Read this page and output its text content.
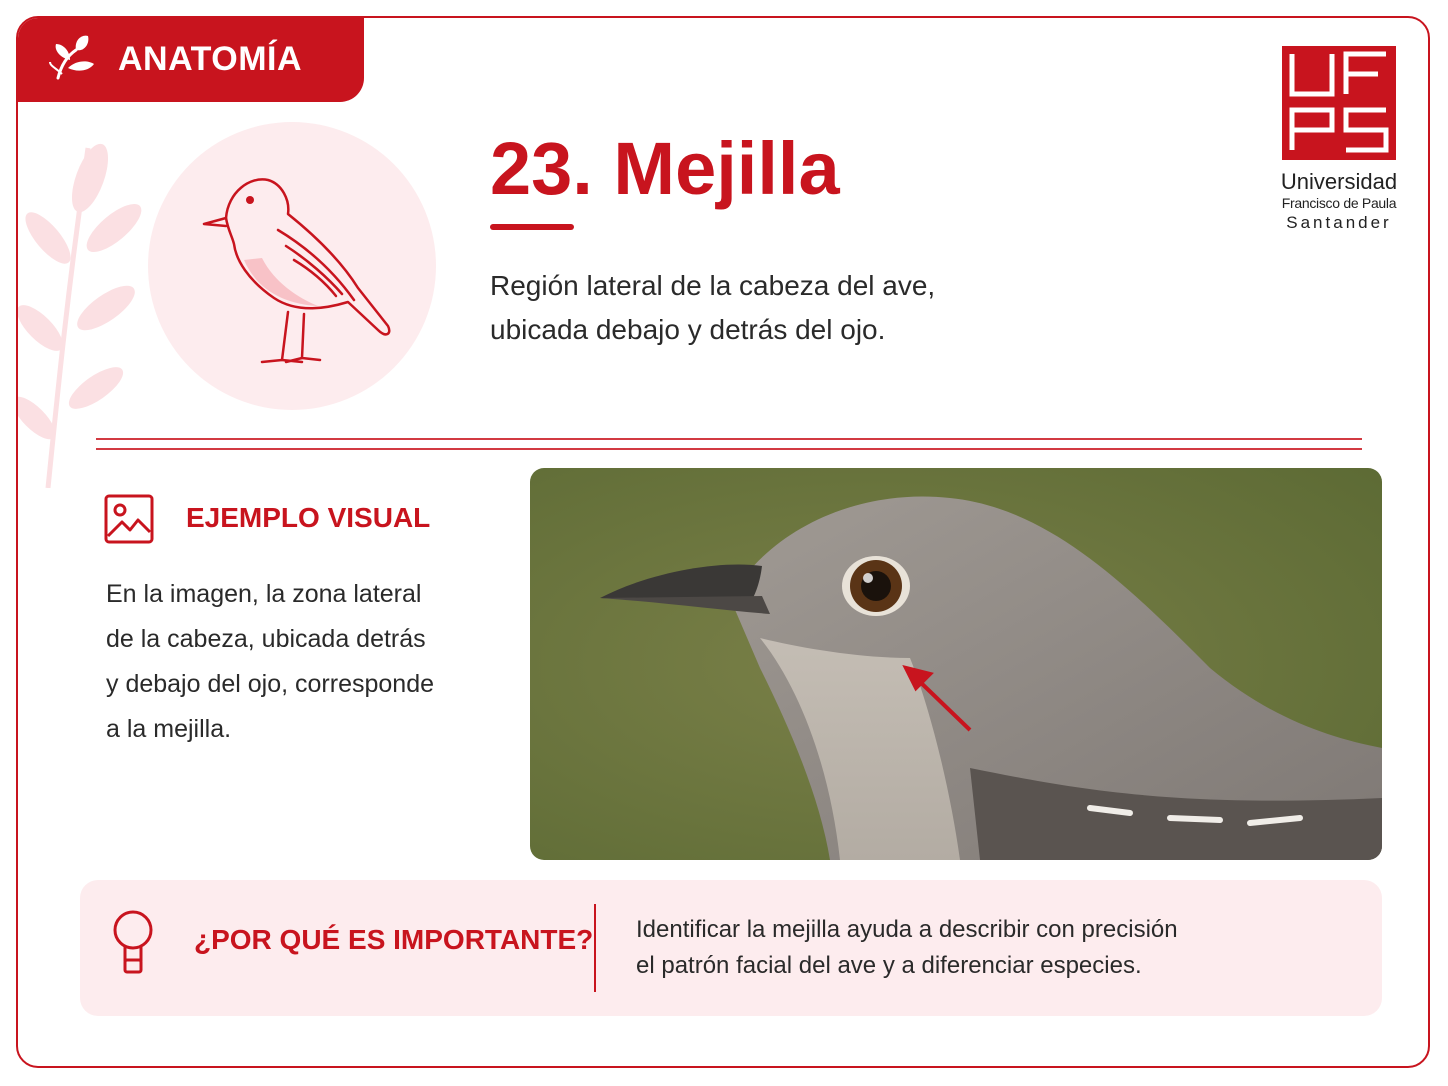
ANATOMÍA
23. Mejilla
Región lateral de la cabeza del ave,
ubicada debajo y detrás del ojo.
Universidad
Francisco de Paula
Santander
EJEMPLO VISUAL
En la imagen, la zona lateral
de la cabeza, ubicada detrás
y debajo del ojo, corresponde
a la mejilla.
¿POR QUÉ ES IMPORTANTE? Identificar la mejilla ayuda a describir con precisión
el patrón facial del ave y a diferenciar especies.
